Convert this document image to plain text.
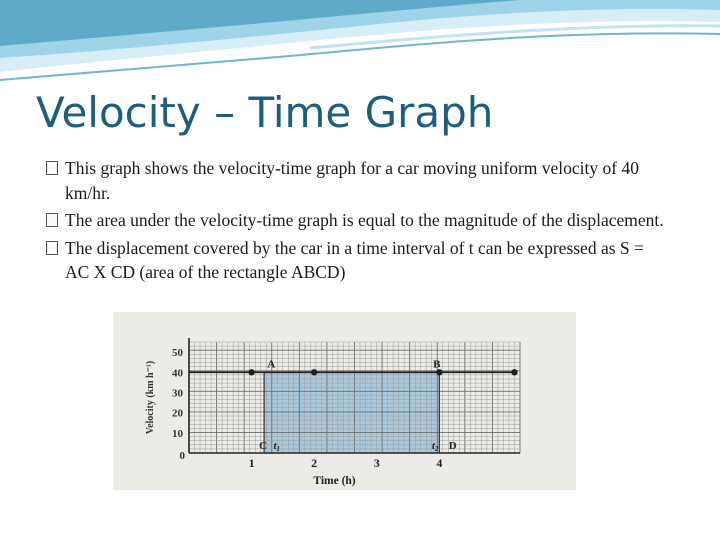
Velocity – Time Graph
This graph shows the velocity-time graph for a car moving uniform velocity of 40 km/hr.
The area under the velocity-time graph is equal to the magnitude of the displacement.
The displacement covered by the car in a time interval of t can be expressed as S = AC X CD (area of the rectangle ABCD)
10
20
30
40
50
0	1	2	3	4
Time (h)
Velocity (km h⁻¹)	A	B
C	D
t1	t2
